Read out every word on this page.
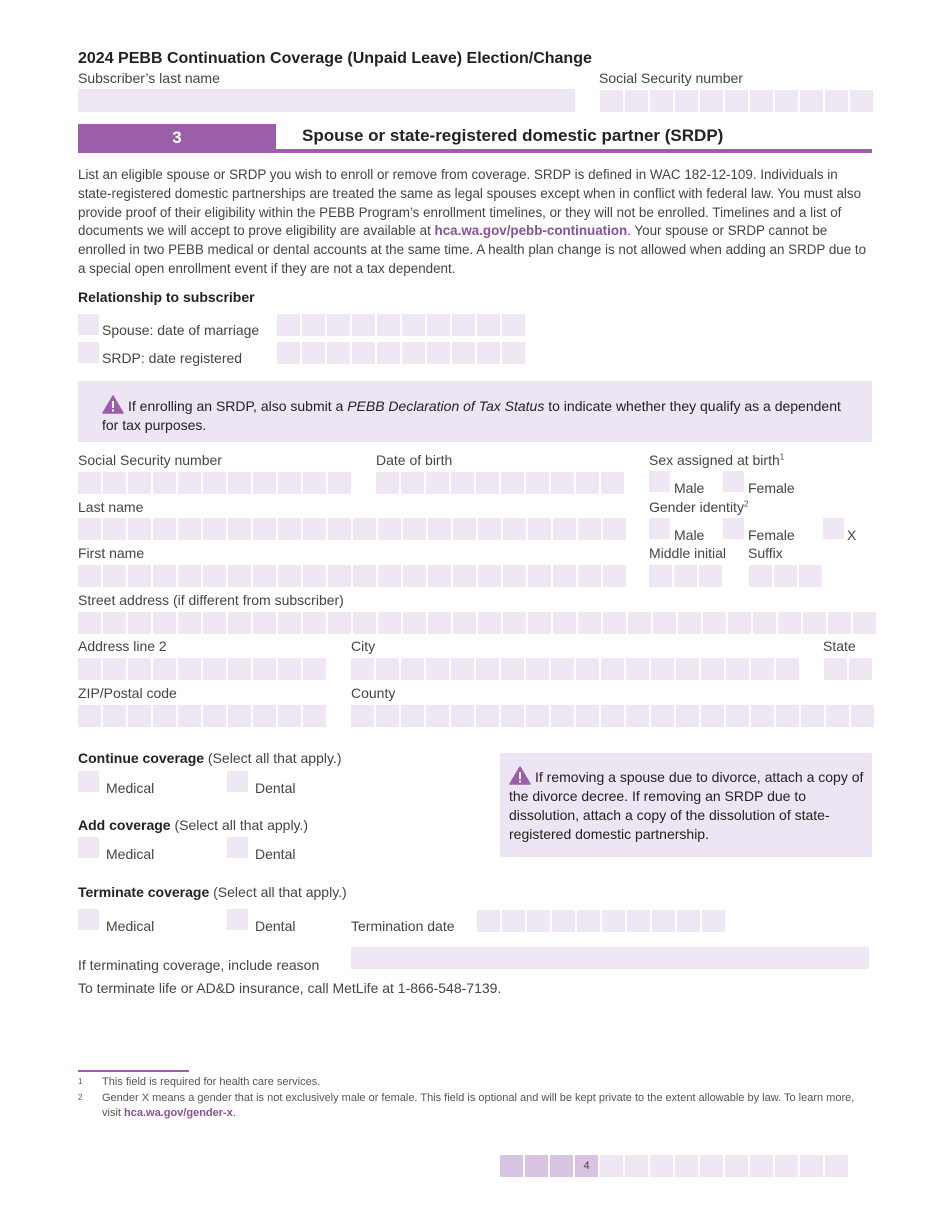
2024 PEBB Continuation Coverage (Unpaid Leave) Election/Change
Subscriber’s last name	Social Security number
3	Spouse or state-registered domestic partner (SRDP)
List an eligible spouse or SRDP you wish to enroll or remove from coverage. SRDP is defined in WAC 182-12-109. Individuals in state-registered domestic partnerships are treated the same as legal spouses except when in conflict with federal law. You must also provide proof of their eligibility within the PEBB Program’s enrollment timelines, or they will not be enrolled. Timelines and a list of documents we will accept to prove eligibility are available at hca.wa.gov/pebb-continuation. Your spouse or SRDP cannot be enrolled in two PEBB medical or dental accounts at the same time. A health plan change is not allowed when adding an SRDP due to a special open enrollment event if they are not a tax dependent.
Relationship to subscriber
Spouse: date of marriage
SRDP: date registered
If enrolling an SRDP, also submit a PEBB Declaration of Tax Status to indicate whether they qualify as a dependent for tax purposes.
Social Security number	Date of birth	Sex assigned at birth$^1$
Male	Female
Last name	Gender identity$^2$
Male	Female	X
First name	Middle initial Suffix
Street address (if different from subscriber)
Address line 2	City	State
ZIP/Postal code	County
Continue coverage (Select all that apply.)
Medical	Dental
Add coverage (Select all that apply.)
Medical	Dental
Terminate coverage (Select all that apply.)
Medical	Dental	Termination date
If terminating coverage, include reason
To terminate life or AD&D insurance, call MetLife at 1-866-548-7139.
If removing a spouse due to divorce, attach a copy of the divorce decree. If removing an SRDP due to dissolution, attach a copy of the dissolution of state-registered domestic partnership.
1 This field is required for health care services.
2 Gender X means a gender that is not exclusively male or female. This field is optional and will be kept private to the extent allowable by law. To learn more, visit hca.wa.gov/gender-x.
4
